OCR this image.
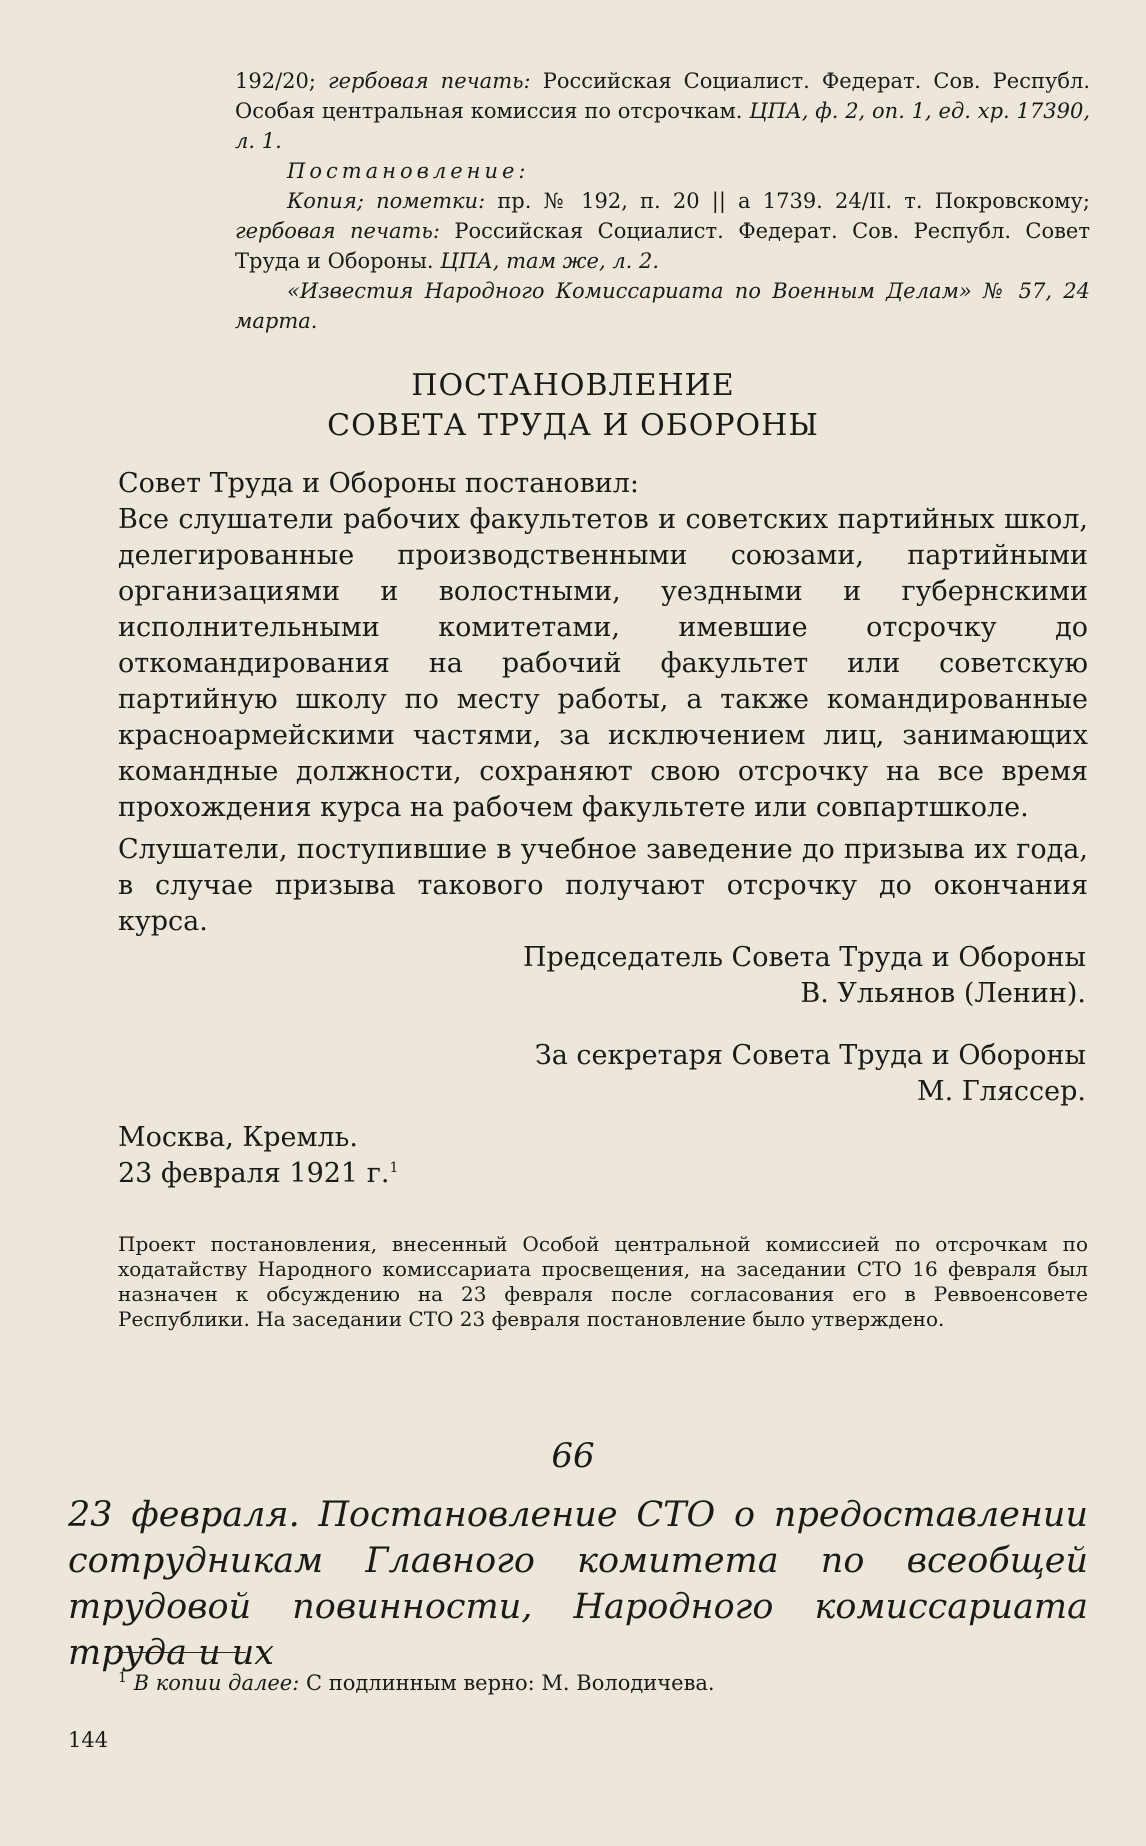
192/20; гербовая печать: Российская Социалист. Федерат. Сов. Республ. Особая центральная комиссия по отсрочкам. ЦПА, ф. 2, оп. 1, ед. хр. 17390, л. 1.

Постановление:

Копия; пометки: пр. № 192, п. 20 || а 1739. 24/II. т. Покровскому; гербовая печать: Российская Социалист. Федерат. Сов. Республ. Совет Труда и Обороны. ЦПА, там же, л. 2.

«Известия Народного Комиссариата по Военным Делам» № 57, 24 марта.

ПОСТАНОВЛЕНИЕ
СОВЕТА ТРУДА И ОБОРОНЫ

Совет Труда и Обороны постановил:

Все слушатели рабочих факультетов и советских партийных школ, делегированные производственными союзами, партийными организациями и волостными, уездными и губернскими исполнительными комитетами, имевшие отсрочку до откомандирования на рабочий факультет или советскую партийную школу по месту работы, а также командированные красноармейскими частями, за исключением лиц, занимающих командные должности, сохраняют свою отсрочку на все время прохождения курса на рабочем факультете или совпартшколе.

Слушатели, поступившие в учебное заведение до призыва их года, в случае призыва такового получают отсрочку до окончания курса.

Председатель Совета Труда и Обороны
В. Ульянов (Ленин).
За секретаря Совета Труда и Обороны
М. Гляссер.
Москва, Кремль.
23 февраля 1921 г.$^1$

Проект постановления, внесенный Особой центральной комиссией по отсрочкам по ходатайству Народного комиссариата просвещения, на заседании СТО 16 февраля был назначен к обсуждению на 23 февраля после согласования его в Реввоенсовете Республики. На заседании СТО 23 февраля постановление было утверждено.

66

23 февраля. Постановление СТО о предоставлении сотрудникам Главного комитета по всеобщей трудовой повинности, Народного комиссариата труда и их

$^1$ В копии далее: С подлинным верно: М. Володичева.
144
